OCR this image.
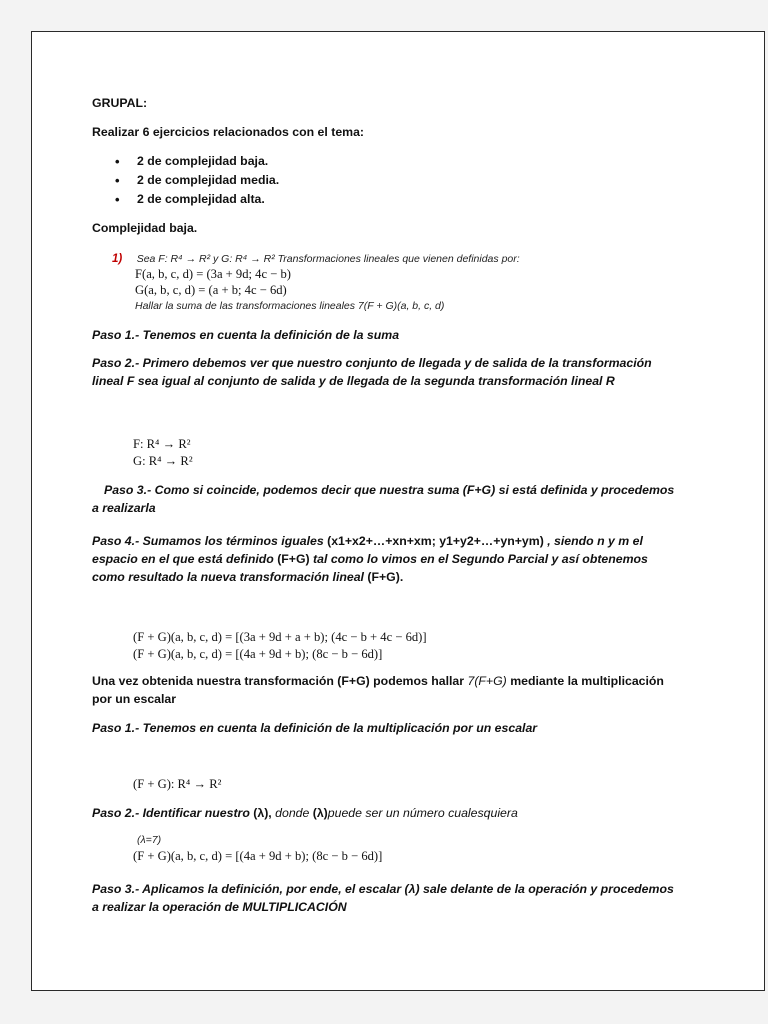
GRUPAL:
Realizar 6 ejercicios relacionados con el tema:
• 2 de complejidad baja.
• 2 de complejidad media.
• 2 de complejidad alta.
Complejidad baja.
1) Sea F: R⁴ → R² y G: R⁴ → R² Transformaciones lineales que vienen definidas por:
F(a, b, c, d) = (3a + 9d; 4c − b)
G(a, b, c, d) = (a + b; 4c − 6d)
Hallar la suma de las transformaciones lineales 7(F + G)(a, b, c, d)
Paso 1.- Tenemos en cuenta la definición de la suma
Paso 2.- Primero debemos ver que nuestro conjunto de llegada y de salida de la transformación lineal F sea igual al conjunto de salida y de llegada de la segunda transformación lineal R
F: R⁴ → R²
G: R⁴ → R²
Paso 3.- Como si coincide, podemos decir que nuestra suma (F+G) si está definida y procedemos a realizarla
Paso 4.- Sumamos los términos iguales (x1+x2+…+xn+xm; y1+y2+…+yn+ym) , siendo n y m el espacio en el que está definido (F+G) tal como lo vimos en el Segundo Parcial y así obtenemos como resultado la nueva transformación lineal (F+G).
(F + G)(a, b, c, d) = [(3a + 9d + a + b); (4c − b + 4c − 6d)]
(F + G)(a, b, c, d) = [(4a + 9d + b); (8c − b − 6d)]
Una vez obtenida nuestra transformación (F+G) podemos hallar 7(F+G) mediante la multiplicación por un escalar
Paso 1.- Tenemos en cuenta la definición de la multiplicación por un escalar
(F + G): R⁴ → R²
Paso 2.- Identificar nuestro (λ), donde (λ)puede ser un número cualesquiera
(λ=7)
(F + G)(a, b, c, d) = [(4a + 9d + b); (8c − b − 6d)]
Paso 3.- Aplicamos la definición, por ende, el escalar (λ) sale delante de la operación y procedemos a realizar la operación de MULTIPLICACIÓN
